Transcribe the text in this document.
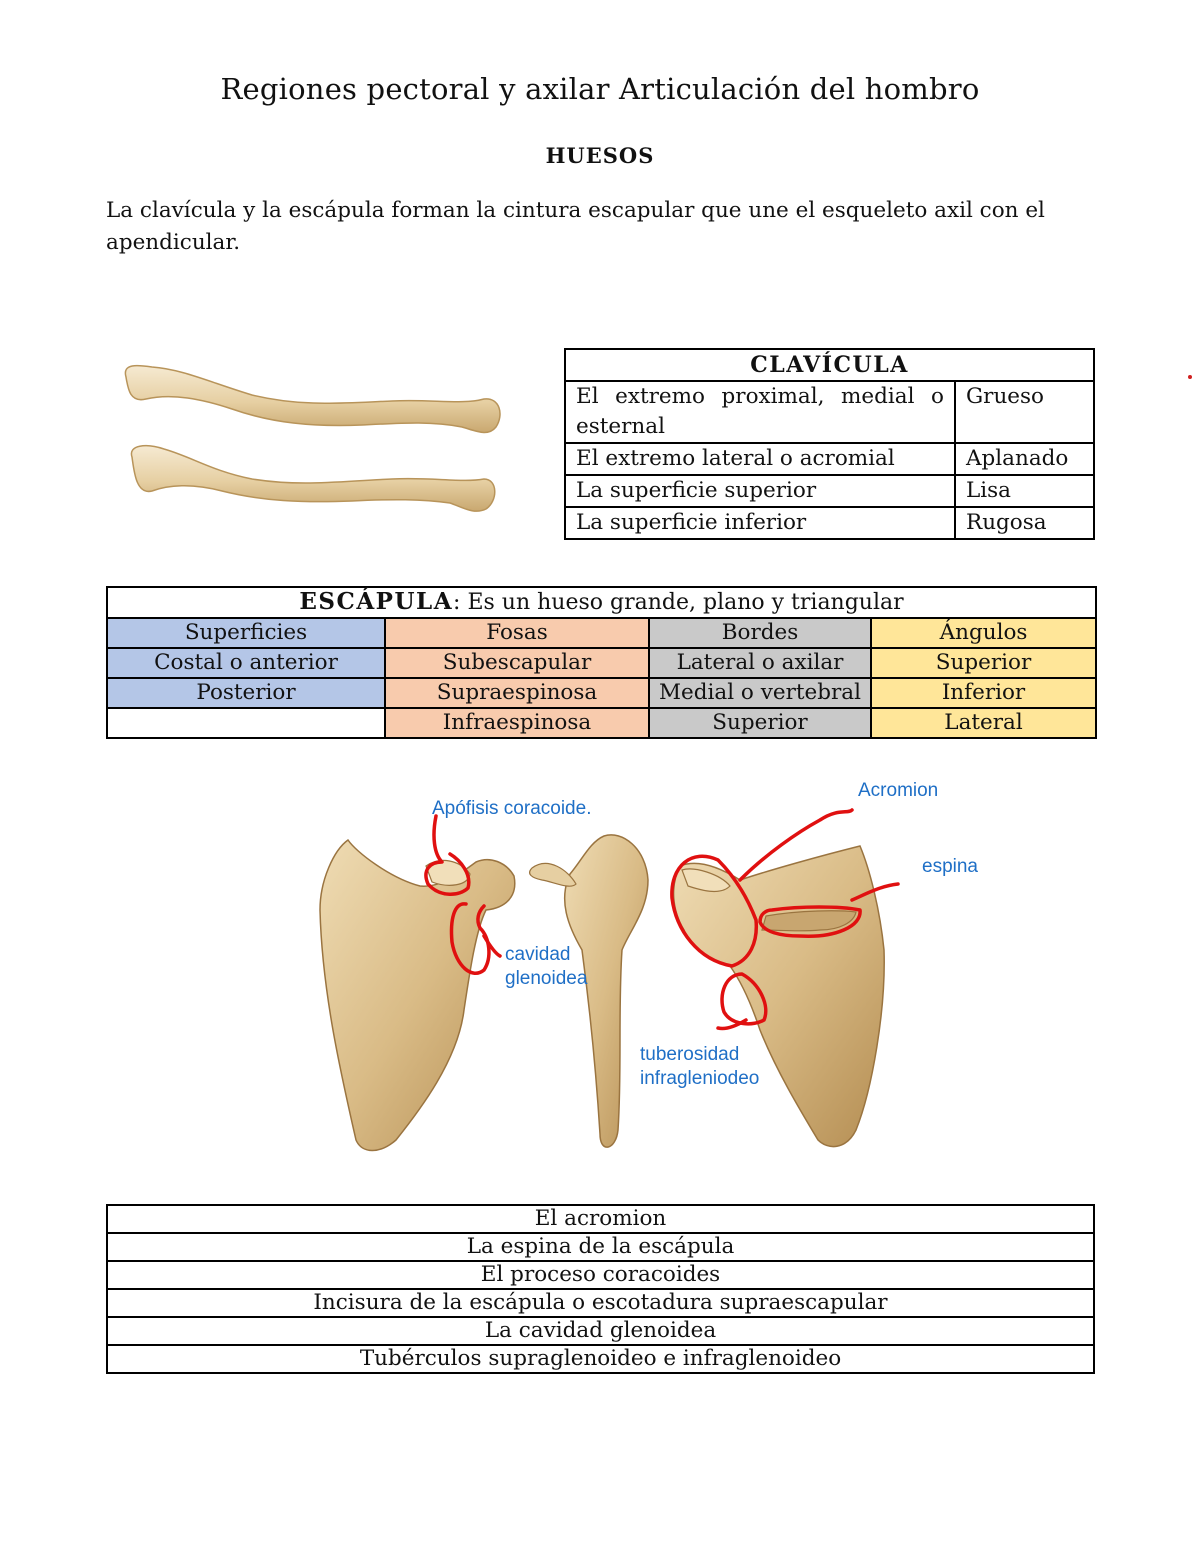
Regiones pectoral y axilar Articulación del hombro
HUESOS
La clavícula y la escápula forman la cintura escapular que une el esqueleto axil con el apendicular.
CLAVÍCULA	
El extremo proximal, medial o esternal	Grueso
El extremo lateral o acromial	Aplanado
La superficie superior	Lisa
La superficie inferior	Rugosa
ESCÁPULA: Es un hueso grande, plano y triangular			
Superficies	Fosas	Bordes	Ángulos
Costal o anterior	Subescapular	Lateral o axilar	Superior
Posterior	Supraespinosa	Medial o vertebral	Inferior
	Infraespinosa	Superior	Lateral
Apófisis coracoide.
Acromion
espina
cavidad
glenoidea
tuberosidad
infragleniodeo
El acromion
La espina de la escápula
El proceso coracoides
Incisura de la escápula o escotadura supraescapular
La cavidad glenoidea
Tubérculos supraglenoideo e infraglenoideo
